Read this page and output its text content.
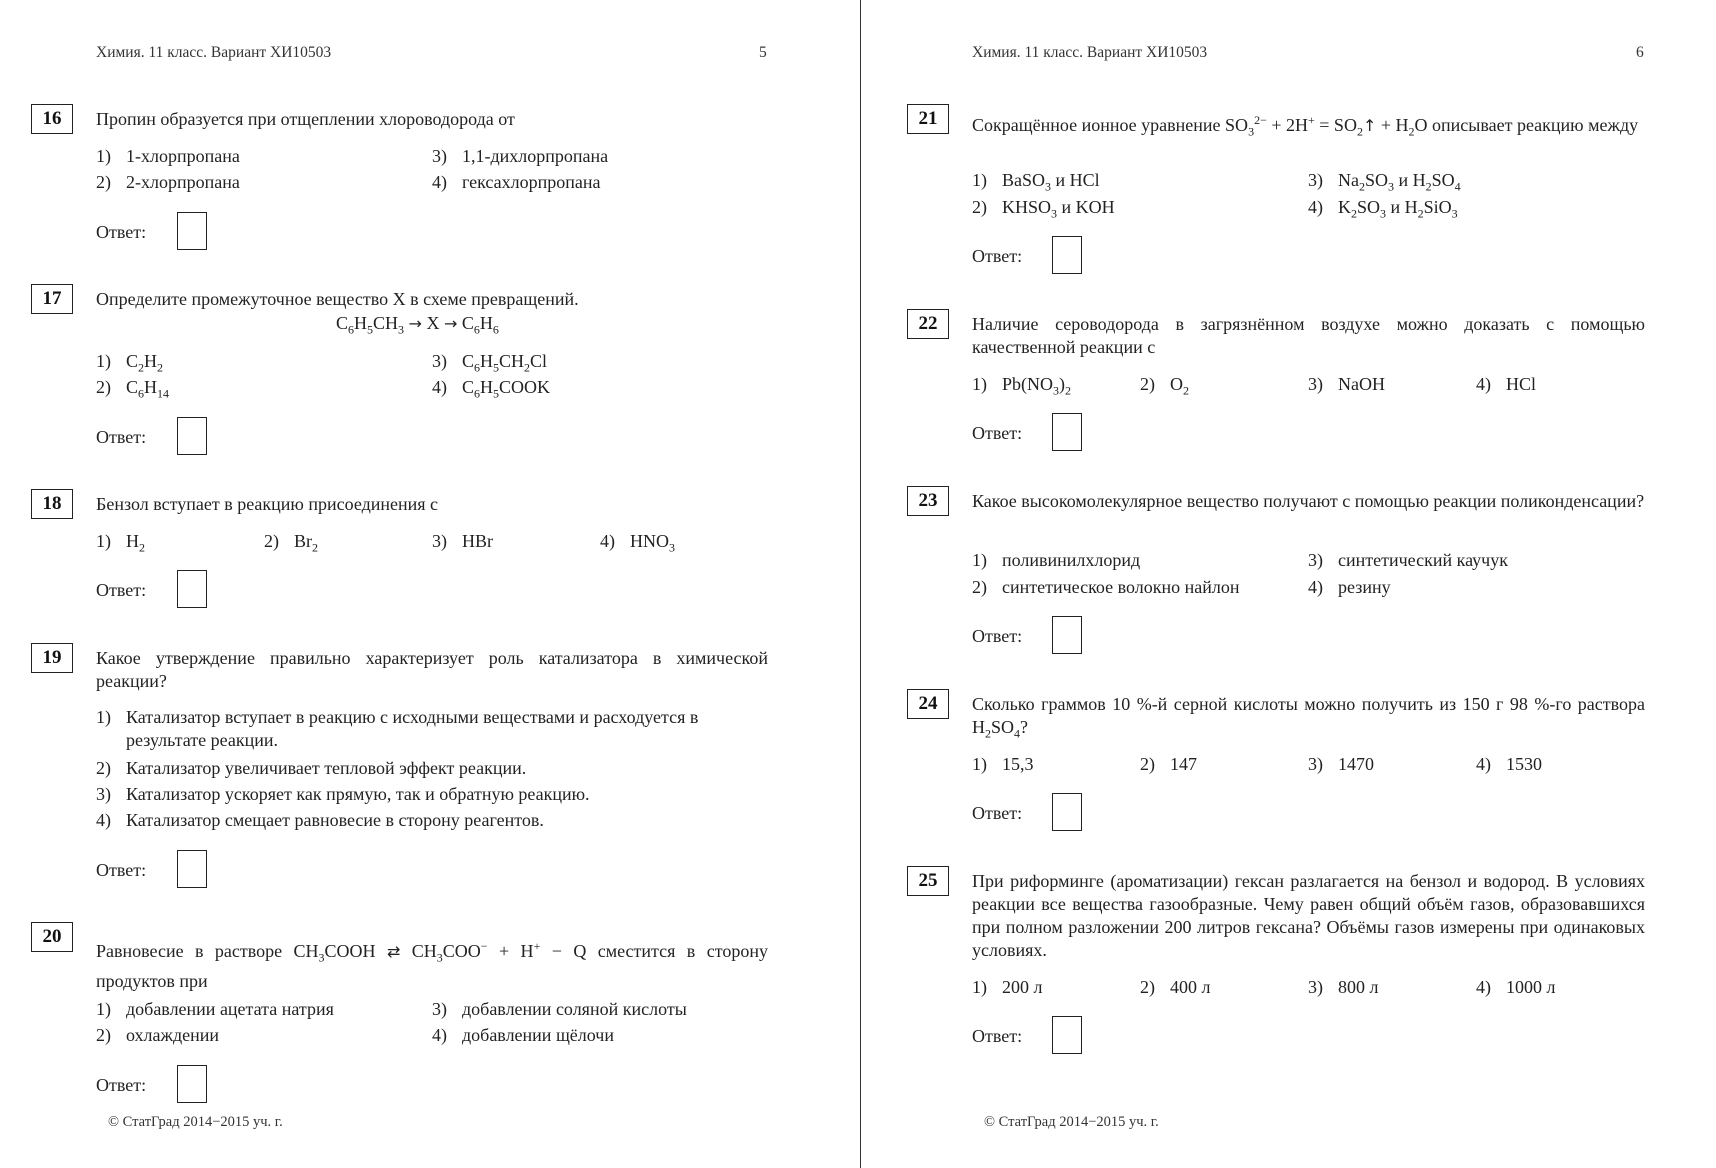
Химия. 11 класс. Вариант ХИ10503	5
16	Пропин образуется при отщеплении хлороводорода от
1) 1-хлорпропана	3) 1,1-дихлорпропана
2) 2-хлорпропана	4) гексахлорпропана
Ответ:
17	Определите промежуточное вещество X в схеме превращений.
$C_6H_5CH_3 \to X \to C_6H_6$
1) $C_2H_2$	3) $C_6H_5CH_2Cl$
2) $C_6H_{14}$	4) $C_6H_5COOK$
Ответ:
18	Бензол вступает в реакцию присоединения с
1) $H_2$	2) $Br_2$	3) HBr	4) $HNO_3$
Ответ:
19	Какое утверждение правильно характеризует роль катализатора в химической реакции?
1) Катализатор вступает в реакцию с исходными веществами и расходуется в результате реакции.
2) Катализатор увеличивает тепловой эффект реакции.
3) Катализатор ускоряет как прямую, так и обратную реакцию.
4) Катализатор смещает равновесие в сторону реагентов.
Ответ:
20
Равновесие в растворе $CH_3COOH$ ⇄ $CH_3COO^- + H^+ - Q$ сместится в сторону продуктов при
1) добавлении ацетата натрия	3) добавлении соляной кислоты
2) охлаждении	4) добавлении щёлочи
Ответ:
© СтатГрад 2014−2015 уч. г.
Химия. 11 класс. Вариант ХИ10503	6
21	Сокращённое ионное уравнение $SO_3^{2-} + 2H^+$ = $SO_2↑ + H_2O$ описывает реакцию между
1) BaSO$_3$ и HCl	3) $Na_2SO_3$ и $H_2SO_4$
2) $KHSO_3$ и KOH	4) $K_2SO_3$ и $H_2SiO_3$
Ответ:
22	Наличие сероводорода в загрязнённом воздухе можно доказать с помощью качественной реакции с
1) $Pb(NO_3)_2$	2) $O_2$	3) NaOH	4) HCl
Ответ:
23	Какое высокомолекулярное вещество получают с помощью реакции поликонденсации?
1) поливинилхлорид	3) синтетический каучук
2) синтетическое волокно найлон	4) резину
Ответ:
24	Сколько граммов 10 %-й серной кислоты можно получить из 150 г 98 %-го раствора $H_2SO_4$?
1) 15,3	2) 147	3) 1470	4) 1530
Ответ:
25	При риформинге (ароматизации) гексан разлагается на бензол и водород. В условиях реакции все вещества газообразные. Чему равен общий объём газов, образовавшихся при полном разложении 200 литров гексана? Объёмы газов измерены при одинаковых условиях.
1) 200 л	2) 400 л	3) 800 л	4) 1000 л
Ответ:
© СтатГрад 2014−2015 уч. г.
